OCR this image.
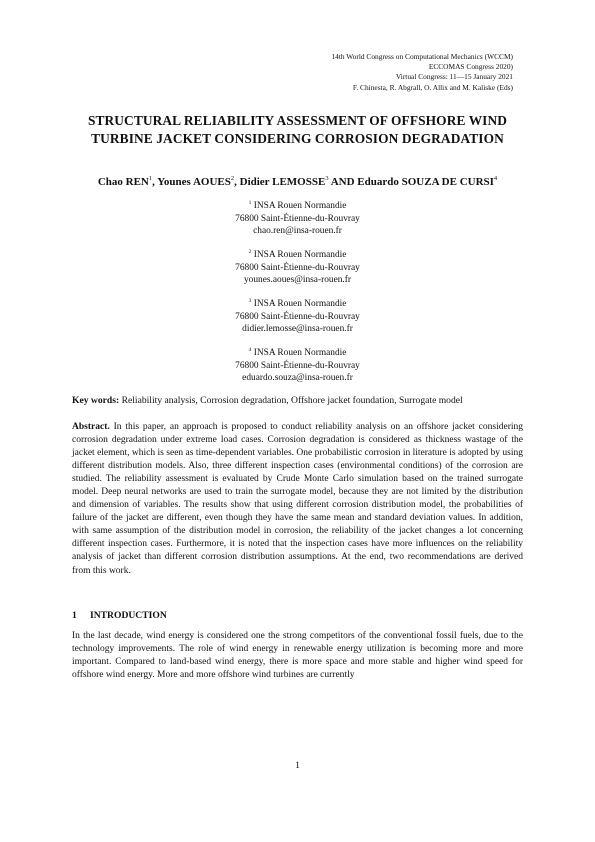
14th World Congress on Computational Mechanics (WCCM)
ECCOMAS Congress 2020)
Virtual Congress: 11—15 January 2021
F. Chinesta, R. Abgrall, O. Allix and M. Kaliske (Eds)
STRUCTURAL RELIABILITY ASSESSMENT OF OFFSHORE WIND
TURBINE JACKET CONSIDERING CORROSION DEGRADATION
Chao REN$^1$, Younes AOUES$^2$, Didier LEMOSSE$^3$ AND Eduardo SOUZA DE CURSI$^4$
$^1$ INSA Rouen Normandie
76800 Saint-Étienne-du-Rouvray
chao.ren@insa-rouen.fr
$^2$ INSA Rouen Normandie
76800 Saint-Étienne-du-Rouvray
younes.aoues@insa-rouen.fr
$^3$ INSA Rouen Normandie
76800 Saint-Étienne-du-Rouvray
didier.lemosse@insa-rouen.fr
$^4$ INSA Rouen Normandie
76800 Saint-Étienne-du-Rouvray
eduardo.souza@insa-rouen.fr
Key words: Reliability analysis, Corrosion degradation, Offshore jacket foundation, Surrogate model
Abstract. In this paper, an approach is proposed to conduct reliability analysis on an offshore jacket considering corrosion degradation under extreme load cases. Corrosion degradation is considered as thickness wastage of the jacket element, which is seen as time-dependent variables. One probabilistic corrosion in literature is adopted by using different distribution models. Also, three different inspection cases (environmental conditions) of the corrosion are studied. The reliability assessment is evaluated by Crude Monte Carlo simulation based on the trained surrogate model. Deep neural networks are used to train the surrogate model, because they are not limited by the distribution and dimension of variables. The results show that using different corrosion distribution model, the probabilities of failure of the jacket are different, even though they have the same mean and standard deviation values. In addition, with same assumption of the distribution model in corrosion, the reliability of the jacket changes a lot concerning different inspection cases. Furthermore, it is noted that the inspection cases have more influences on the reliability analysis of jacket than different corrosion distribution assumptions. At the end, two recommendations are derived from this work.
1 INTRODUCTION
In the last decade, wind energy is considered one the strong competitors of the conventional fossil fuels, due to the technology improvements. The role of wind energy in renewable energy utilization is becoming more and more important. Compared to land-based wind energy, there is more space and more stable and higher wind speed for offshore wind energy. More and more offshore wind turbines are currently
1
